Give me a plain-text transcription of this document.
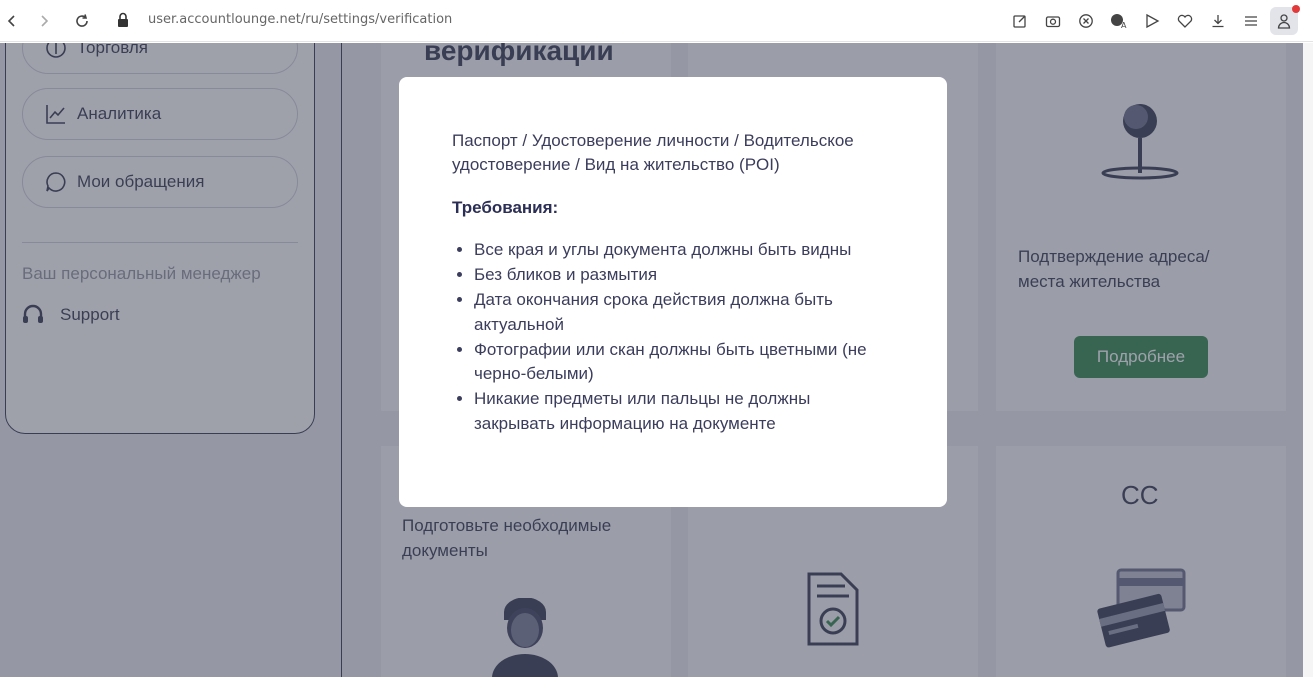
user.accountlounge.net/ru/settings/verification	A
Паспорт / Удостоверение личности / Водительское удостоверение / Вид на жительство (POI)
Требования:
• Все края и углы документа должны быть видны
• Без бликов и размытия
• Дата окончания срока действия должна быть актуальной
• Фотографии или скан должны быть цветными (не черно-белыми)
• Никакие предметы или пальцы не должны закрывать информацию на документе
